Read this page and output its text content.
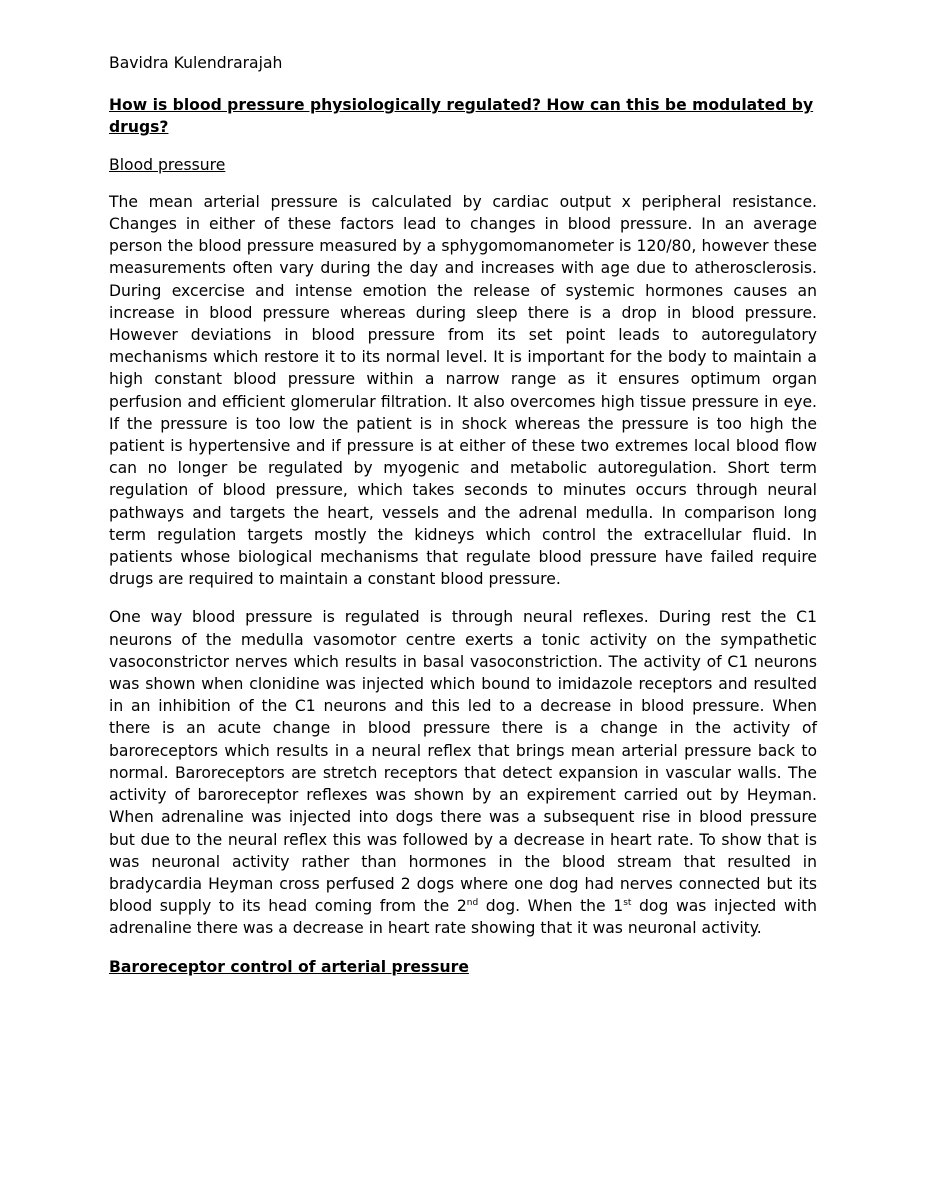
Bavidra Kulendrarajah

How is blood pressure physiologically regulated? How can this be modulated by drugs?

Blood pressure

The mean arterial pressure is calculated by cardiac output x peripheral resistance. Changes in either of these factors lead to changes in blood pressure. In an average person the blood pressure measured by a sphygomomanometer is 120/80, however these measurements often vary during the day and increases with age due to atherosclerosis. During excercise and intense emotion the release of systemic hormones causes an increase in blood pressure whereas during sleep there is a drop in blood pressure. However deviations in blood pressure from its set point leads to autoregulatory mechanisms which restore it to its normal level. It is important for the body to maintain a high constant blood pressure within a narrow range as it ensures optimum organ perfusion and efficient glomerular filtration. It also overcomes high tissue pressure in eye. If the pressure is too low the patient is in shock whereas the pressure is too high the patient is hypertensive and if pressure is at either of these two extremes local blood flow can no longer be regulated by myogenic and metabolic autoregulation. Short term regulation of blood pressure, which takes seconds to minutes occurs through neural pathways and targets the heart, vessels and the adrenal medulla. In comparison long term regulation targets mostly the kidneys which control the extracellular fluid. In patients whose biological mechanisms that regulate blood pressure have failed require drugs are required to maintain a constant blood pressure.

One way blood pressure is regulated is through neural reflexes. During rest the C1 neurons of the medulla vasomotor centre exerts a tonic activity on the sympathetic vasoconstrictor nerves which results in basal vasoconstriction. The activity of C1 neurons was shown when clonidine was injected which bound to imidazole receptors and resulted in an inhibition of the C1 neurons and this led to a decrease in blood pressure. When there is an acute change in blood pressure there is a change in the activity of baroreceptors which results in a neural reflex that brings mean arterial pressure back to normal. Baroreceptors are stretch receptors that detect expansion in vascular walls. The activity of baroreceptor reflexes was shown by an expirement carried out by Heyman. When adrenaline was injected into dogs there was a subsequent rise in blood pressure but due to the neural reflex this was followed by a decrease in heart rate. To show that is was neuronal activity rather than hormones in the blood stream that resulted in bradycardia Heyman cross perfused 2 dogs where one dog had nerves connected but its blood supply to its head coming from the 2nd dog. When the 1st dog was injected with adrenaline there was a decrease in heart rate showing that it was neuronal activity.

Baroreceptor control of arterial pressure
